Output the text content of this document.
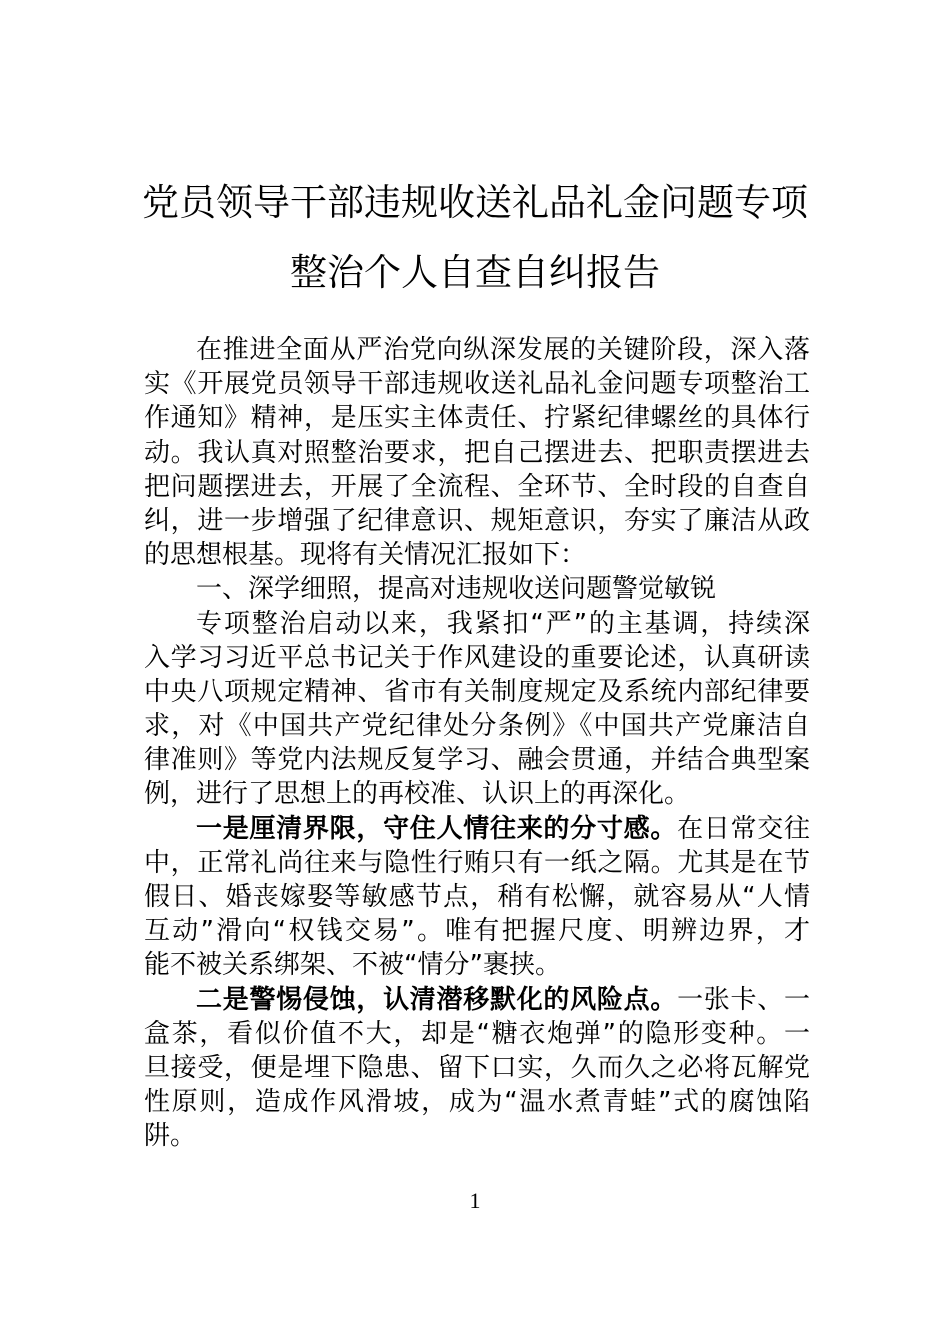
党员领导干部违规收送礼品礼金问题专项
整治个人自查自纠报告
在推进全面从严治党向纵深发展的关键阶段，深入落
实《开展党员领导干部违规收送礼品礼金问题专项整治工
作通知》精神，是压实主体责任、拧紧纪律螺丝的具体行
动。我认真对照整治要求，把自己摆进去、把职责摆进去
把问题摆进去，开展了全流程、全环节、全时段的自查自
纠，进一步增强了纪律意识、规矩意识，夯实了廉洁从政
的思想根基。现将有关情况汇报如下：
一、深学细照，提高对违规收送问题警觉敏锐
专项整治启动以来，我紧扣“严”的主基调，持续深
入学习习近平总书记关于作风建设的重要论述，认真研读
中央八项规定精神、省市有关制度规定及系统内部纪律要
求，对《中国共产党纪律处分条例》《中国共产党廉洁自
律准则》等党内法规反复学习、融会贯通，并结合典型案
例，进行了思想上的再校准、认识上的再深化。
一是厘清界限，守住人情往来的分寸感。在日常交往
中，正常礼尚往来与隐性行贿只有一纸之隔。尤其是在节
假日、婚丧嫁娶等敏感节点，稍有松懈，就容易从“人情
互动”滑向“权钱交易”。唯有把握尺度、明辨边界，才
能不被关系绑架、不被“情分”裹挟。
二是警惕侵蚀，认清潜移默化的风险点。一张卡、一
盒茶，看似价值不大，却是“糖衣炮弹”的隐形变种。一
旦接受，便是埋下隐患、留下口实，久而久之必将瓦解党
性原则，造成作风滑坡，成为“温水煮青蛙”式的腐蚀陷
阱。
1
